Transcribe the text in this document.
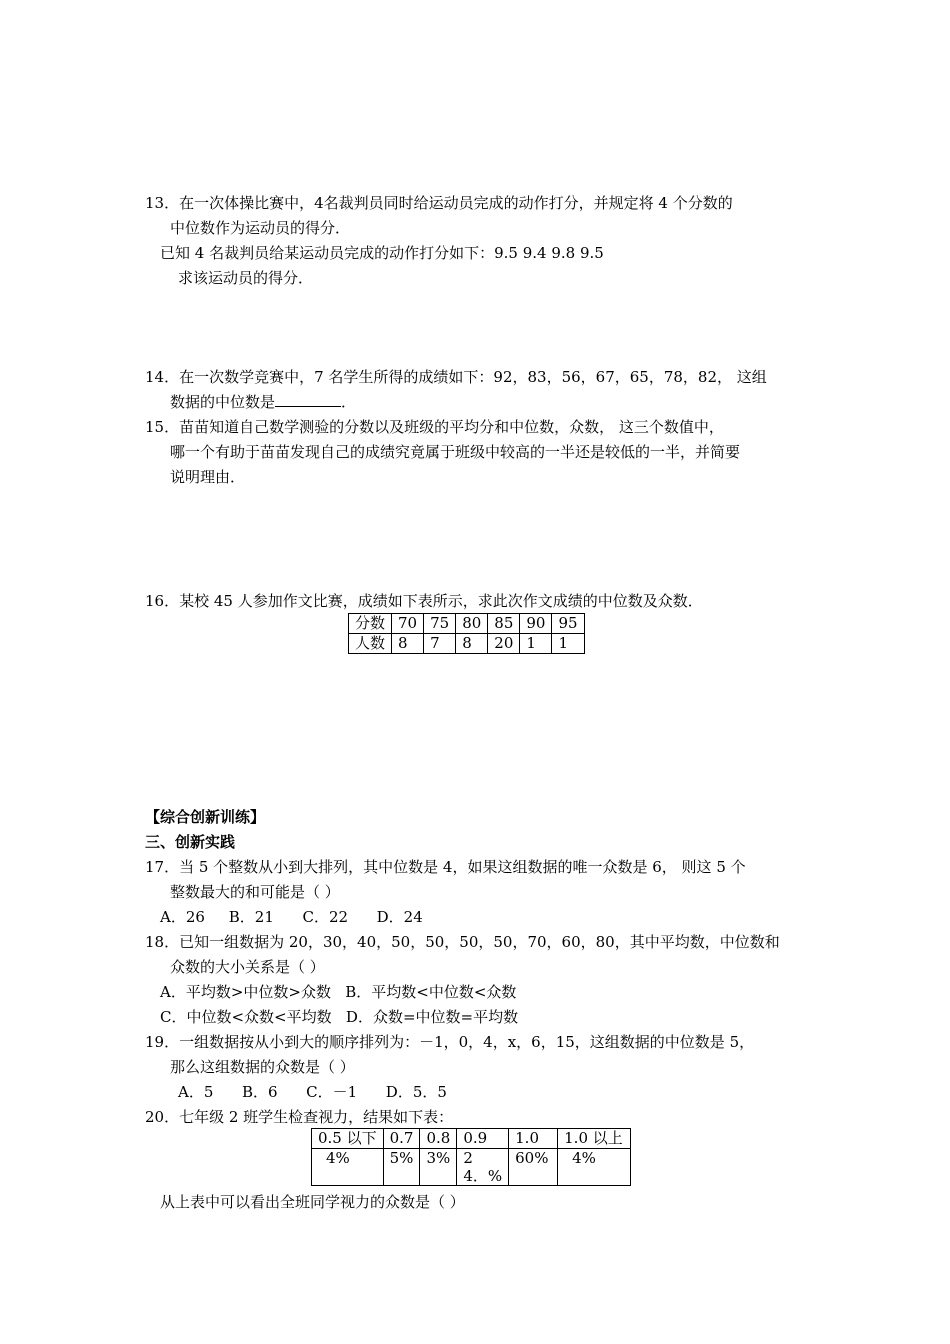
13．在一次体操比赛中，4名裁判员同时给运动员完成的动作打分，并规定将 4 个分数的
中位数作为运动员的得分．
已知 4 名裁判员给某运动员完成的动作打分如下：9.5 9.4 9.8 9.5
求该运动员的得分．
14．在一次数学竞赛中，7 名学生所得的成绩如下：92，83，56，67，65，78，82， 这组
数据的中位数是	．
15．苗苗知道自己数学测验的分数以及班级的平均分和中位数，众数， 这三个数值中，
哪一个有助于苗苗发现自己的成绩究竟属于班级中较高的一半还是较低的一半，并简要
说明理由．
16．某校 45 人参加作文比赛，成绩如下表所示，求此次作文成绩的中位数及众数．
分数	70	75	80	85	90	95
人数	8	7	8	20	1	1
【综合创新训练】
三、创新实践
17．当 5 个整数从小到大排列，其中位数是 4，如果这组数据的唯一众数是 6， 则这 5 个
整数最大的和可能是（ ）
A．26     B．21      C．22      D．24
18．已知一组数据为 20，30，40，50，50，50，50，70，60，80，其中平均数，中位数和
众数的大小关系是（ ）
A．平均数>中位数>众数   B．平均数<中位数<众数
C．中位数<众数<平均数   D．众数=中位数=平均数
19．一组数据按从小到大的顺序排列为：－1，0，4，x，6，15，这组数据的中位数是 5，
那么这组数据的众数是（ ）
A．5      B．6      C．－1      D．5．5
20．七年级 2 班学生检查视力，结果如下表：
0.5 以下	0.7	0.8	0.9	1.0	1.0 以上
4%	5%	3%	24．%	60%	4%
从上表中可以看出全班同学视力的众数是（ ）
